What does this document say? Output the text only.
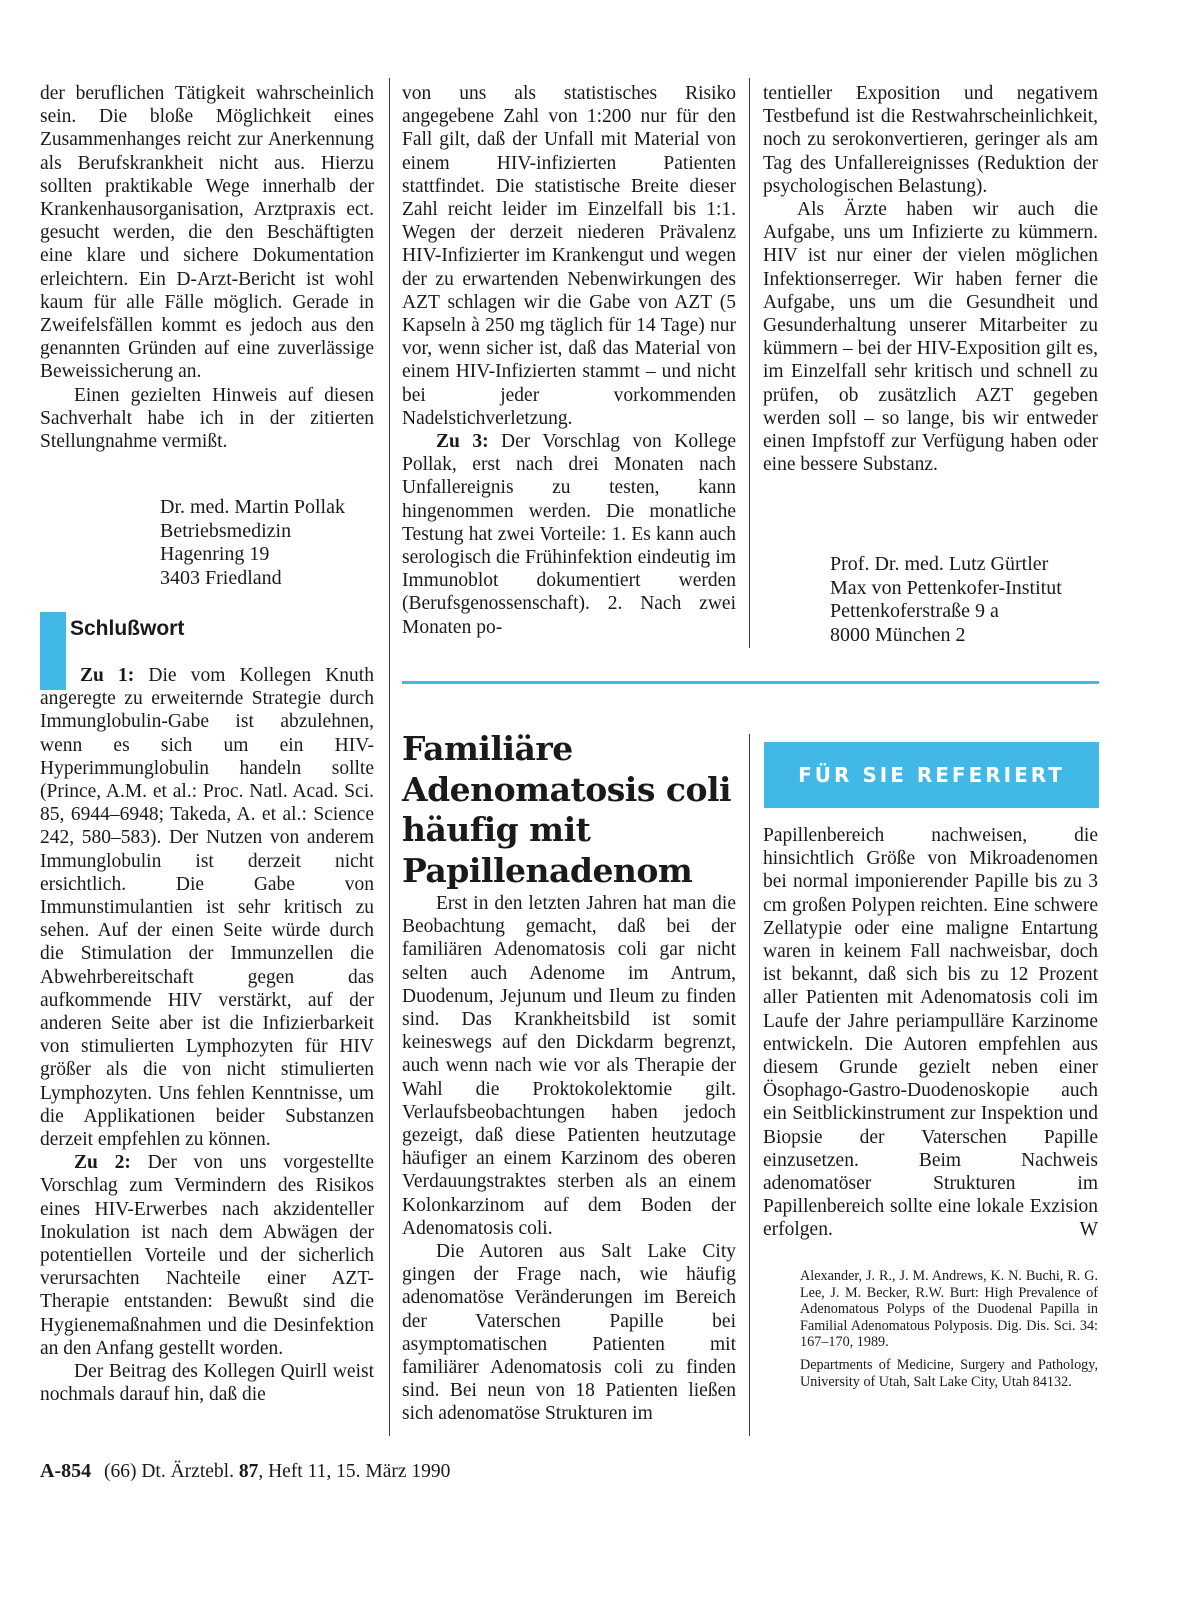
der beruflichen Tätigkeit wahrscheinlich sein. Die bloße Möglichkeit eines Zusammenhanges reicht zur Anerkennung als Berufskrankheit nicht aus. Hierzu sollten praktikable Wege innerhalb der Krankenhausorganisation, Arztpraxis ect. gesucht werden, die den Beschäftigten eine klare und sichere Dokumentation erleichtern. Ein D-Arzt-Bericht ist wohl kaum für alle Fälle möglich. Gerade in Zweifelsfällen kommt es jedoch aus den genannten Gründen auf eine zuverlässige Beweissicherung an.

Einen gezielten Hinweis auf diesen Sachverhalt habe ich in der zitierten Stellungnahme vermißt.

Dr. med. Martin Pollak
Betriebsmedizin
Hagenring 19
3403 Friedland
Schlußwort

Zu 1: Die vom Kollegen Knuth angeregte zu erweiternde Strategie durch Immunglobulin-Gabe ist abzulehnen, wenn es sich um ein HIV-Hyperimmunglobulin handeln sollte (Prince, A.M. et al.: Proc. Natl. Acad. Sci. 85, 6944–6948; Takeda, A. et al.: Science 242, 580–583). Der Nutzen von anderem Immunglobulin ist derzeit nicht ersichtlich. Die Gabe von Immunstimulantien ist sehr kritisch zu sehen. Auf der einen Seite würde durch die Stimulation der Immunzellen die Abwehrbereitschaft gegen das aufkommende HIV verstärkt, auf der anderen Seite aber ist die Infizierbarkeit von stimulierten Lymphozyten für HIV größer als die von nicht stimulierten Lymphozyten. Uns fehlen Kenntnisse, um die Applikationen beider Substanzen derzeit empfehlen zu können.

Zu 2: Der von uns vorgestellte Vorschlag zum Vermindern des Risikos eines HIV-Erwerbes nach akzidenteller Inokulation ist nach dem Abwägen der potentiellen Vorteile und der sicherlich verursachten Nachteile einer AZT-Therapie entstanden: Bewußt sind die Hygienemaßnahmen und die Desinfektion an den Anfang gestellt worden.

Der Beitrag des Kollegen Quirll weist nochmals darauf hin, daß die

von uns als statistisches Risiko angegebene Zahl von 1:200 nur für den Fall gilt, daß der Unfall mit Material von einem HIV-infizierten Patienten stattfindet. Die statistische Breite dieser Zahl reicht leider im Einzelfall bis 1:1. Wegen der derzeit niederen Prävalenz HIV-Infizierter im Krankengut und wegen der zu erwartenden Nebenwirkungen des AZT schlagen wir die Gabe von AZT (5 Kapseln à 250 mg täglich für 14 Tage) nur vor, wenn sicher ist, daß das Material von einem HIV-Infizierten stammt – und nicht bei jeder vorkommenden Nadelstichverletzung.

Zu 3: Der Vorschlag von Kollege Pollak, erst nach drei Monaten nach Unfallereignis zu testen, kann hingenommen werden. Die monatliche Testung hat zwei Vorteile: 1. Es kann auch serologisch die Frühinfektion eindeutig im Immunoblot dokumentiert werden (Berufsgenossenschaft). 2. Nach zwei Monaten po-

tentieller Exposition und negativem Testbefund ist die Restwahrscheinlichkeit, noch zu serokonvertieren, geringer als am Tag des Unfallereignisses (Reduktion der psychologischen Belastung).

Als Ärzte haben wir auch die Aufgabe, uns um Infizierte zu kümmern. HIV ist nur einer der vielen möglichen Infektionserreger. Wir haben ferner die Aufgabe, uns um die Gesundheit und Gesunderhaltung unserer Mitarbeiter zu kümmern – bei der HIV-Exposition gilt es, im Einzelfall sehr kritisch und schnell zu prüfen, ob zusätzlich AZT gegeben werden soll – so lange, bis wir entweder einen Impfstoff zur Verfügung haben oder eine bessere Substanz.

Prof. Dr. med. Lutz Gürtler
Max von Pettenkofer-Institut
Pettenkoferstraße 9 a
8000 München 2
Familiäre
Adenomatosis coli
häufig mit
Papillenadenom
FÜR SIE REFERIERT

Erst in den letzten Jahren hat man die Beobachtung gemacht, daß bei der familiären Adenomatosis coli gar nicht selten auch Adenome im Antrum, Duodenum, Jejunum und Ileum zu finden sind. Das Krankheitsbild ist somit keineswegs auf den Dickdarm begrenzt, auch wenn nach wie vor als Therapie der Wahl die Proktokolektomie gilt. Verlaufsbeobachtungen haben jedoch gezeigt, daß diese Patienten heutzutage häufiger an einem Karzinom des oberen Verdauungstraktes sterben als an einem Kolonkarzinom auf dem Boden der Adenomatosis coli.

Die Autoren aus Salt Lake City gingen der Frage nach, wie häufig adenomatöse Veränderungen im Bereich der Vaterschen Papille bei asymptomatischen Patienten mit familiärer Adenomatosis coli zu finden sind. Bei neun von 18 Patienten ließen sich adenomatöse Strukturen im

Papillenbereich nachweisen, die hinsichtlich Größe von Mikroadenomen bei normal imponierender Papille bis zu 3 cm großen Polypen reichten. Eine schwere Zellatypie oder eine maligne Entartung waren in keinem Fall nachweisbar, doch ist bekannt, daß sich bis zu 12 Prozent aller Patienten mit Adenomatosis coli im Laufe der Jahre periampulläre Karzinome entwickeln. Die Autoren empfehlen aus diesem Grunde gezielt neben einer Ösophago-Gastro-Duodenoskopie auch ein Seitblickinstrument zur Inspektion und Biopsie der Vaterschen Papille einzusetzen. Beim Nachweis adenomatöser Strukturen im Papillenbereich sollte eine lokale Exzision erfolgen.	W

Alexander, J. R., J. M. Andrews, K. N. Buchi, R. G. Lee, J. M. Becker, R.W. Burt: High Prevalence of Adenomatous Polyps of the Duodenal Papilla in Familial Adenomatous Polyposis. Dig. Dis. Sci. 34: 167–170, 1989.

Departments of Medicine, Surgery and Pathology, University of Utah, Salt Lake City, Utah 84132.

A-854 (66) Dt. Ärztebl. 87, Heft 11, 15. März 1990
